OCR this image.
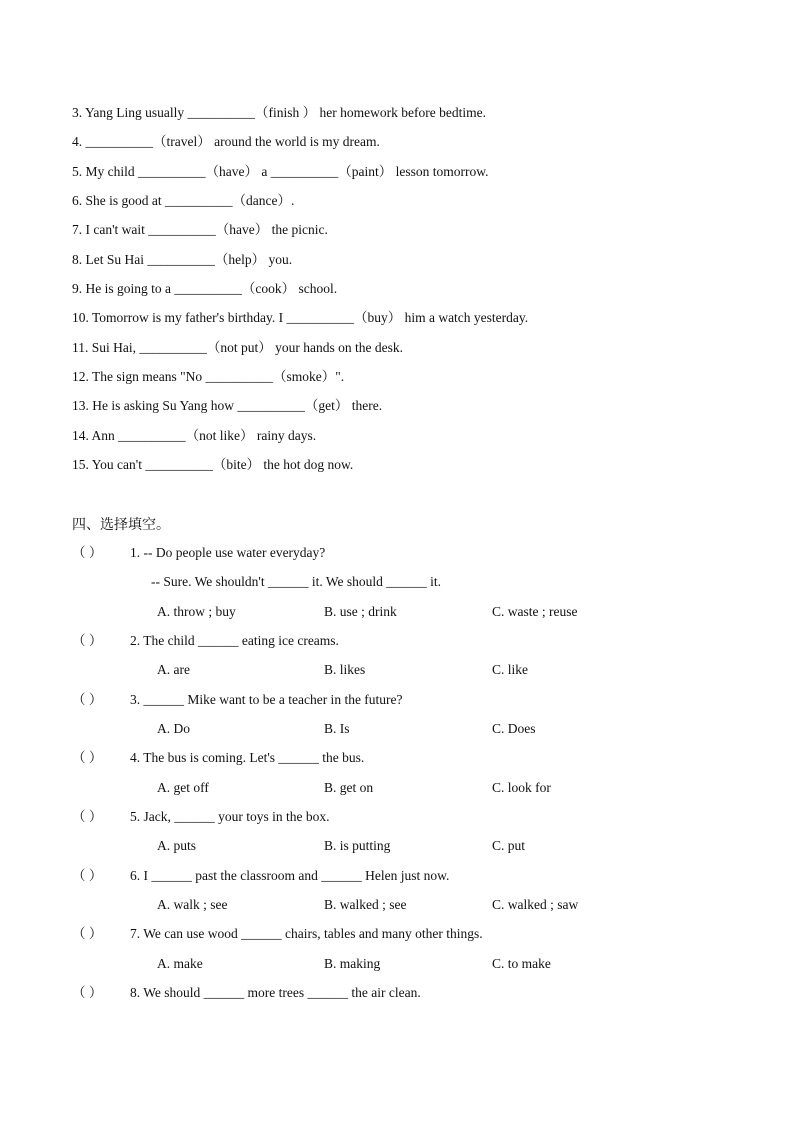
3. Yang Ling usually __________（finish ） her homework before bedtime.
4. __________（travel） around the world is my dream.
5. My child __________（have） a __________（paint） lesson tomorrow.
6. She is good at __________（dance）.
7. I can't wait __________（have） the picnic.
8. Let Su Hai __________（help） you.
9. He is going to a __________（cook） school.
10. Tomorrow is my father's birthday. I __________（buy） him a watch yesterday.
11. Sui Hai, __________（not put） your hands on the desk.
12. The sign means "No __________（smoke）".
13. He is asking Su Yang how __________（get） there.
14. Ann __________（not like） rainy days.
15. You can't __________（bite） the hot dog now.
四、选择填空。
（ ） 1. -- Do people use water everyday?
-- Sure. We shouldn't ______ it. We should ______ it.
A. throw ; buy	B. use ; drink	C. waste ; reuse
（ ） 2. The child ______ eating ice creams.
A. are	B. likes	C. like
（ ） 3. ______ Mike want to be a teacher in the future?
A. Do	B. Is	C. Does
（ ） 4. The bus is coming. Let's ______ the bus.
A. get off	B. get on	C. look for
（ ） 5. Jack, ______ your toys in the box.
A. puts	B. is putting	C. put
（ ） 6. I ______ past the classroom and ______ Helen just now.
A. walk ; see	B. walked ; see	C. walked ; saw
（ ） 7. We can use wood ______ chairs, tables and many other things.
A. make	B. making	C. to make
（ ） 8. We should ______ more trees ______ the air clean.
